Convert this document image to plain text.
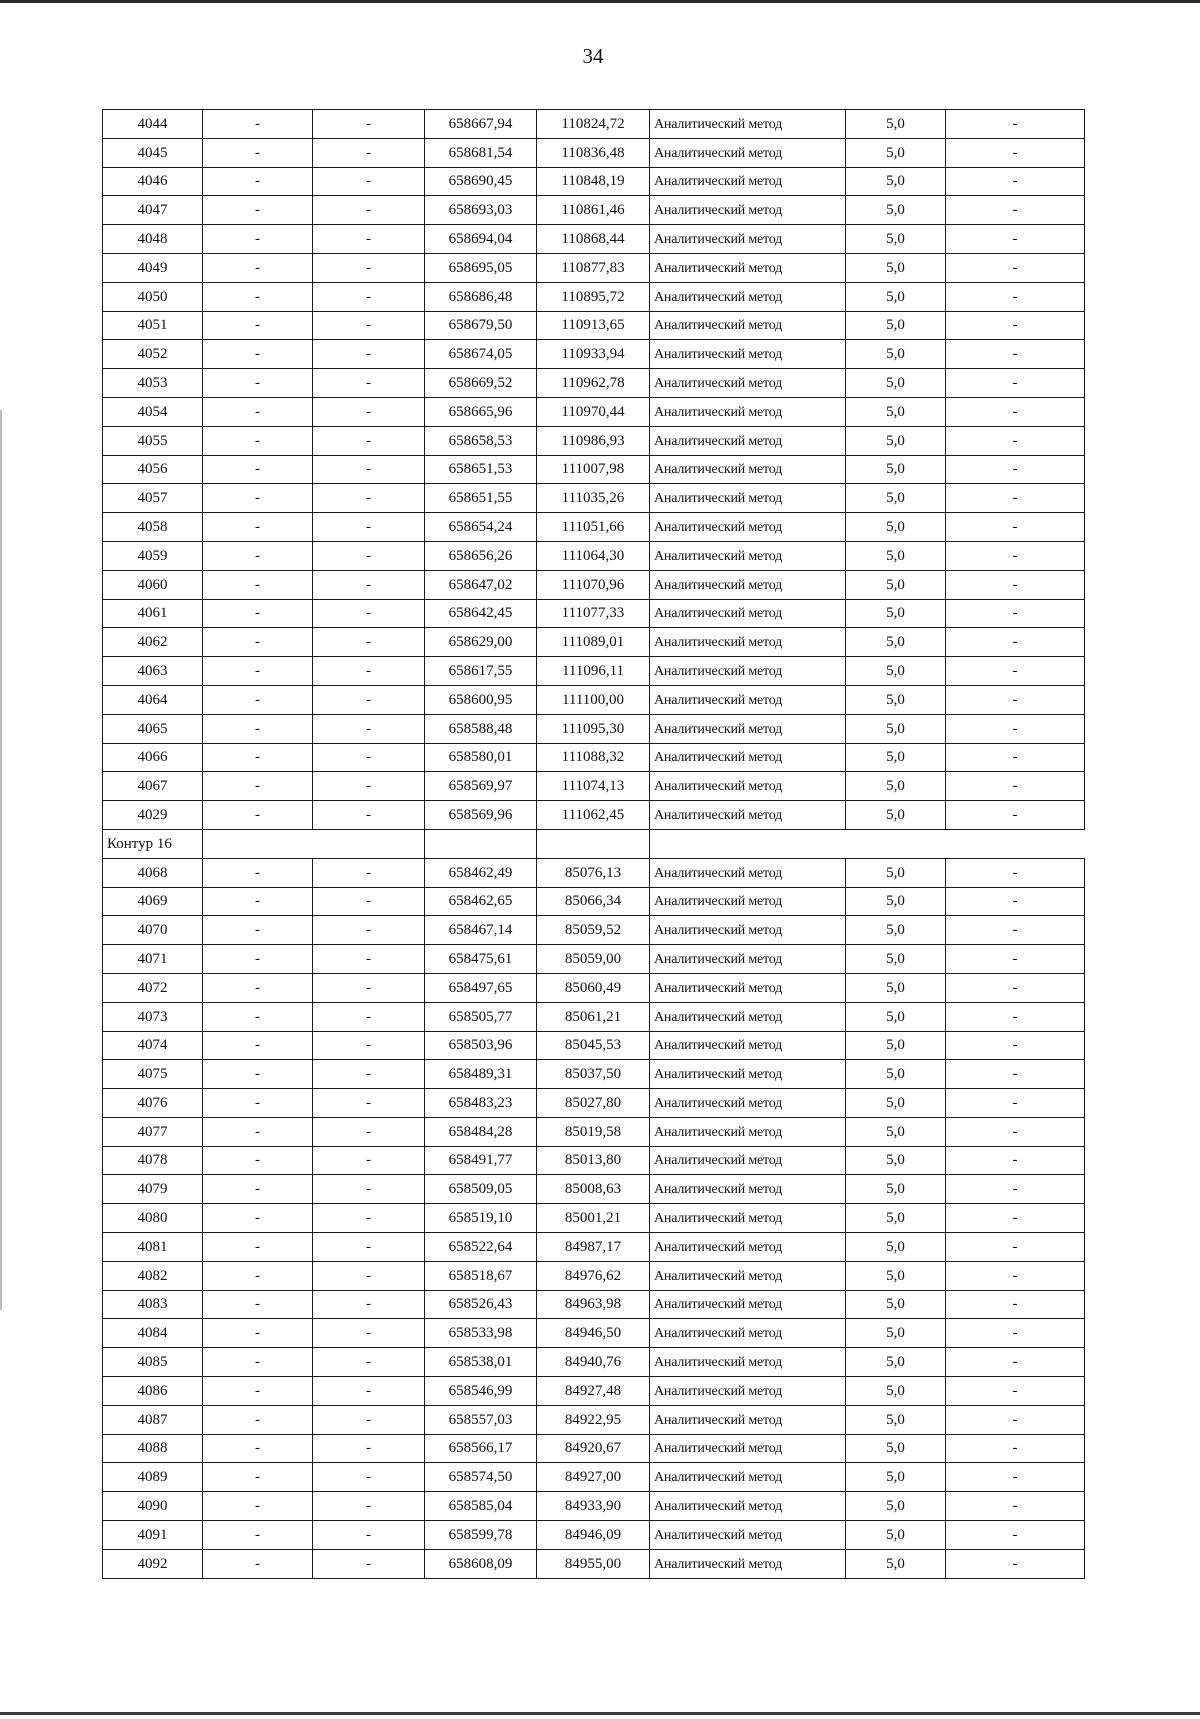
34
4044	-	-	658667,94	110824,72	Аналитический метод	5,0	-
4045	-	-	658681,54	110836,48	Аналитический метод	5,0	-
4046	-	-	658690,45	110848,19	Аналитический метод	5,0	-
4047	-	-	658693,03	110861,46	Аналитический метод	5,0	-
4048	-	-	658694,04	110868,44	Аналитический метод	5,0	-
4049	-	-	658695,05	110877,83	Аналитический метод	5,0	-
4050	-	-	658686,48	110895,72	Аналитический метод	5,0	-
4051	-	-	658679,50	110913,65	Аналитический метод	5,0	-
4052	-	-	658674,05	110933,94	Аналитический метод	5,0	-
4053	-	-	658669,52	110962,78	Аналитический метод	5,0	-
4054	-	-	658665,96	110970,44	Аналитический метод	5,0	-
4055	-	-	658658,53	110986,93	Аналитический метод	5,0	-
4056	-	-	658651,53	111007,98	Аналитический метод	5,0	-
4057	-	-	658651,55	111035,26	Аналитический метод	5,0	-
4058	-	-	658654,24	111051,66	Аналитический метод	5,0	-
4059	-	-	658656,26	111064,30	Аналитический метод	5,0	-
4060	-	-	658647,02	111070,96	Аналитический метод	5,0	-
4061	-	-	658642,45	111077,33	Аналитический метод	5,0	-
4062	-	-	658629,00	111089,01	Аналитический метод	5,0	-
4063	-	-	658617,55	111096,11	Аналитический метод	5,0	-
4064	-	-	658600,95	111100,00	Аналитический метод	5,0	-
4065	-	-	658588,48	111095,30	Аналитический метод	5,0	-
4066	-	-	658580,01	111088,32	Аналитический метод	5,0	-
4067	-	-	658569,97	111074,13	Аналитический метод	5,0	-
4029	-	-	658569,96	111062,45	Аналитический метод	5,0	-
Контур 16							
4068	-	-	658462,49	85076,13	Аналитический метод	5,0	-
4069	-	-	658462,65	85066,34	Аналитический метод	5,0	-
4070	-	-	658467,14	85059,52	Аналитический метод	5,0	-
4071	-	-	658475,61	85059,00	Аналитический метод	5,0	-
4072	-	-	658497,65	85060,49	Аналитический метод	5,0	-
4073	-	-	658505,77	85061,21	Аналитический метод	5,0	-
4074	-	-	658503,96	85045,53	Аналитический метод	5,0	-
4075	-	-	658489,31	85037,50	Аналитический метод	5,0	-
4076	-	-	658483,23	85027,80	Аналитический метод	5,0	-
4077	-	-	658484,28	85019,58	Аналитический метод	5,0	-
4078	-	-	658491,77	85013,80	Аналитический метод	5,0	-
4079	-	-	658509,05	85008,63	Аналитический метод	5,0	-
4080	-	-	658519,10	85001,21	Аналитический метод	5,0	-
4081	-	-	658522,64	84987,17	Аналитический метод	5,0	-
4082	-	-	658518,67	84976,62	Аналитический метод	5,0	-
4083	-	-	658526,43	84963,98	Аналитический метод	5,0	-
4084	-	-	658533,98	84946,50	Аналитический метод	5,0	-
4085	-	-	658538,01	84940,76	Аналитический метод	5,0	-
4086	-	-	658546,99	84927,48	Аналитический метод	5,0	-
4087	-	-	658557,03	84922,95	Аналитический метод	5,0	-
4088	-	-	658566,17	84920,67	Аналитический метод	5,0	-
4089	-	-	658574,50	84927,00	Аналитический метод	5,0	-
4090	-	-	658585,04	84933,90	Аналитический метод	5,0	-
4091	-	-	658599,78	84946,09	Аналитический метод	5,0	-
4092	-	-	658608,09	84955,00	Аналитический метод	5,0	-
